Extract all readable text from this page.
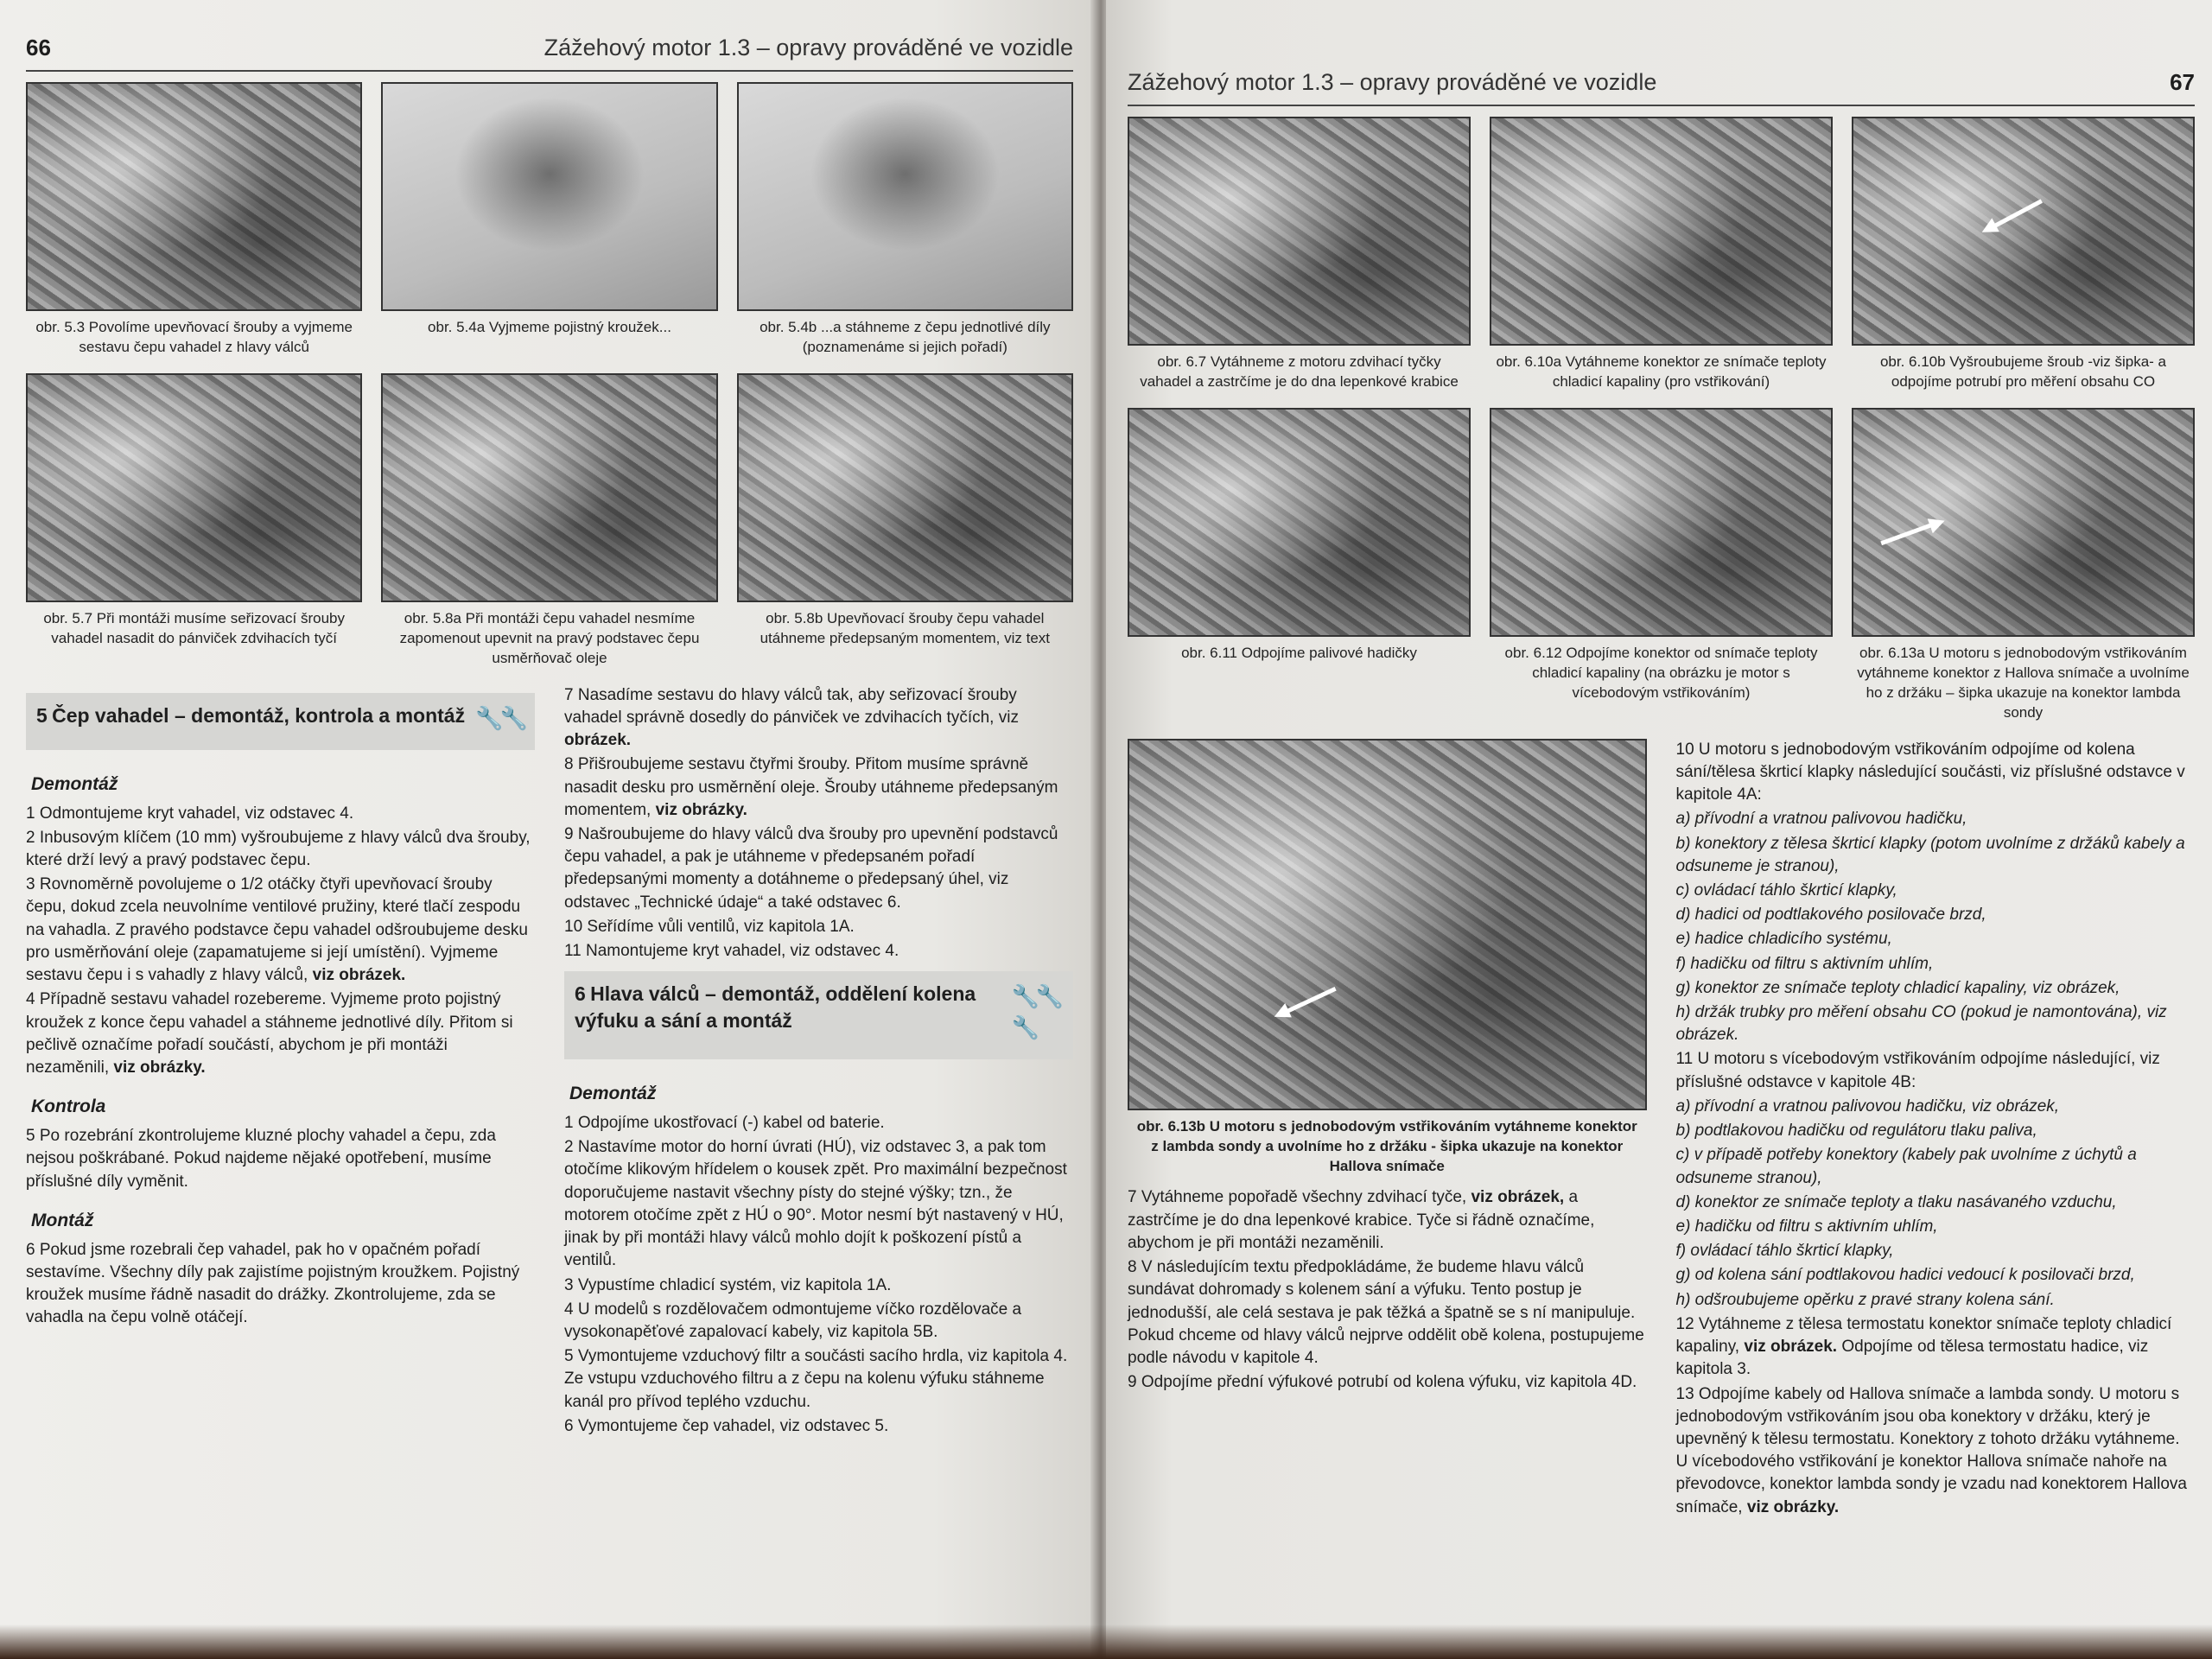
66	Zážehový motor 1.3 – opravy prováděné ve vozidle
obr. 5.3 Povolíme upevňovací šrouby a vyjmeme sestavu čepu vahadel z hlavy válců
obr. 5.4a Vyjmeme pojistný kroužek...	obr. 5.4b ...a stáhneme z čepu jednotlivé díly (poznamenáme si jejich pořadí)
obr. 5.7 Při montáži musíme seřizovací šrouby vahadel nasadit do pánviček zdvihacích tyčí
obr. 5.8a Při montáži čepu vahadel nesmíme zapomenout upevnit na pravý podstavec čepu usměrňovač oleje
obr. 5.8b Upevňovací šrouby čepu vahadel utáhneme předepsaným momentem, viz text
5 Čep vahadel – demontáž, kontrola a montáž 🔧🔧
Demontáž

1 Odmontujeme kryt vahadel, viz odstavec 4.

2 Inbusovým klíčem (10 mm) vyšroubujeme z hlavy válců dva šrouby, které drží levý a pravý podstavec čepu.

3 Rovnoměrně povolujeme o 1/2 otáčky čtyři upevňovací šrouby čepu, dokud zcela neuvolníme ventilové pružiny, které tlačí zespodu na vahadla. Z pravého podstavce čepu vahadel odšroubujeme desku pro usměrňování oleje (zapamatujeme si její umístění). Vyjmeme sestavu čepu i s vahadly z hlavy válců, viz obrázek.

4 Případně sestavu vahadel rozebereme. Vyjmeme proto pojistný kroužek z konce čepu vahadel a stáhneme jednotlivé díly. Přitom si pečlivě označíme pořadí součástí, abychom je při montáži nezaměnili, viz obrázky.

Kontrola

5 Po rozebrání zkontrolujeme kluzné plochy vahadel a čepu, zda nejsou poškrábané. Pokud najdeme nějaké opotřebení, musíme příslušné díly vyměnit.

Montáž

6 Pokud jsme rozebrali čep vahadel, pak ho v opačném pořadí sestavíme. Všechny díly pak zajistíme pojistným kroužkem. Pojistný kroužek musíme řádně nasadit do drážky. Zkontrolujeme, zda se vahadla na čepu volně otáčejí.

7 Nasadíme sestavu do hlavy válců tak, aby seřizovací šrouby vahadel správně dosedly do pánviček ve zdvihacích tyčích, viz obrázek.

8 Přišroubujeme sestavu čtyřmi šrouby. Přitom musíme správně nasadit desku pro usměrnění oleje. Šrouby utáhneme předepsaným momentem, viz obrázky.

9 Našroubujeme do hlavy válců dva šrouby pro upevnění podstavců čepu vahadel, a pak je utáhneme v předepsaném pořadí předepsanými momenty a dotáhneme o předepsaný úhel, viz odstavec „Technické údaje“ a také odstavec 6.

10 Seřídíme vůli ventilů, viz kapitola 1A.

11 Namontujeme kryt vahadel, viz odstavec 4.

6 Hlava válců – demontáž, oddělení kolena výfuku a sání a montáž
🔧🔧🔧
Demontáž

1 Odpojíme ukostřovací (-) kabel od baterie.

2 Nastavíme motor do horní úvrati (HÚ), viz odstavec 3, a pak tom otočíme klikovým hřídelem o kousek zpět. Pro maximální bezpečnost doporučujeme nastavit všechny písty do stejné výšky; tzn., že motorem otočíme zpět z HÚ o 90°. Motor nesmí být nastavený v HÚ, jinak by při montáži hlavy válců mohlo dojít k poškození pístů a ventilů.

3 Vypustíme chladicí systém, viz kapitola 1A.

4 U modelů s rozdělovačem odmontujeme víčko rozdělovače a vysokonapěťové zapalovací kabely, viz kapitola 5B.

5 Vymontujeme vzduchový filtr a součásti sacího hrdla, viz kapitola 4. Ze vstupu vzduchového filtru a z čepu na kolenu výfuku stáhneme kanál pro přívod teplého vzduchu.

6 Vymontujeme čep vahadel, viz odstavec 5.

Zážehový motor 1.3 – opravy prováděné ve vozidle	67
obr. 6.7 Vytáhneme z motoru zdvihací tyčky vahadel a zastrčíme je do dna lepenkové krabice
obr. 6.10a Vytáhneme konektor ze snímače teploty chladicí kapaliny (pro vstřikování)
obr. 6.10b Vyšroubujeme šroub -viz šipka- a odpojíme potrubí pro měření obsahu CO
obr. 6.11 Odpojíme palivové hadičky	obr. 6.12 Odpojíme konektor od snímače teploty chladicí kapaliny (na obrázku je motor s vícebodovým vstřikováním)
obr. 6.13a U motoru s jednobodovým vstřikováním vytáhneme konektor z Hallova snímače a uvolníme ho z držáku – šipka ukazuje na konektor lambda sondy
obr. 6.13b U motoru s jednobodovým vstřikováním vytáhneme konektor z lambda sondy a uvolníme ho z držáku - šipka ukazuje na konektor Hallova snímače

7 Vytáhneme popořadě všechny zdvihací tyče, viz obrázek, a zastrčíme je do dna lepenkové krabice. Tyče si řádně označíme, abychom je při montáži nezaměnili.

8 V následujícím textu předpokládáme, že budeme hlavu válců sundávat dohromady s kolenem sání a výfuku. Tento postup je jednodušší, ale celá sestava je pak těžká a špatně se s ní manipuluje. Pokud chceme od hlavy válců nejprve oddělit obě kolena, postupujeme podle návodu v kapitole 4.

9 Odpojíme přední výfukové potrubí od kolena výfuku, viz kapitola 4D.

10 U motoru s jednobodovým vstřikováním odpojíme od kolena sání/tělesa škrticí klapky následující součásti, viz příslušné odstavce v kapitole 4A:

a) přívodní a vratnou palivovou hadičku,

b) konektory z tělesa škrticí klapky (potom uvolníme z držáků kabely a odsuneme je stranou),

c) ovládací táhlo škrticí klapky,

d) hadici od podtlakového posilovače brzd,

e) hadice chladicího systému,

f) hadičku od filtru s aktivním uhlím,

g) konektor ze snímače teploty chladicí kapaliny, viz obrázek,

h) držák trubky pro měření obsahu CO (pokud je namontována), viz obrázek.

11 U motoru s vícebodovým vstřikováním odpojíme následující, viz příslušné odstavce v kapitole 4B:

a) přívodní a vratnou palivovou hadičku, viz obrázek,

b) podtlakovou hadičku od regulátoru tlaku paliva,

c) v případě potřeby konektory (kabely pak uvolníme z úchytů a odsuneme stranou),

d) konektor ze snímače teploty a tlaku nasávaného vzduchu,

e) hadičku od filtru s aktivním uhlím,

f) ovládací táhlo škrticí klapky,

g) od kolena sání podtlakovou hadici vedoucí k posilovači brzd,

h) odšroubujeme opěrku z pravé strany kolena sání.

12 Vytáhneme z tělesa termostatu konektor snímače teploty chladicí kapaliny, viz obrázek. Odpojíme od tělesa termostatu hadice, viz kapitola 3.

13 Odpojíme kabely od Hallova snímače a lambda sondy. U motoru s jednobodovým vstřikováním jsou oba konektory v držáku, který je upevněný k tělesu termostatu. Konektory z tohoto držáku vytáhneme. U vícebodového vstřikování je konektor Hallova snímače nahoře na převodovce, konektor lambda sondy je vzadu nad konektorem Hallova snímače, viz obrázky.
